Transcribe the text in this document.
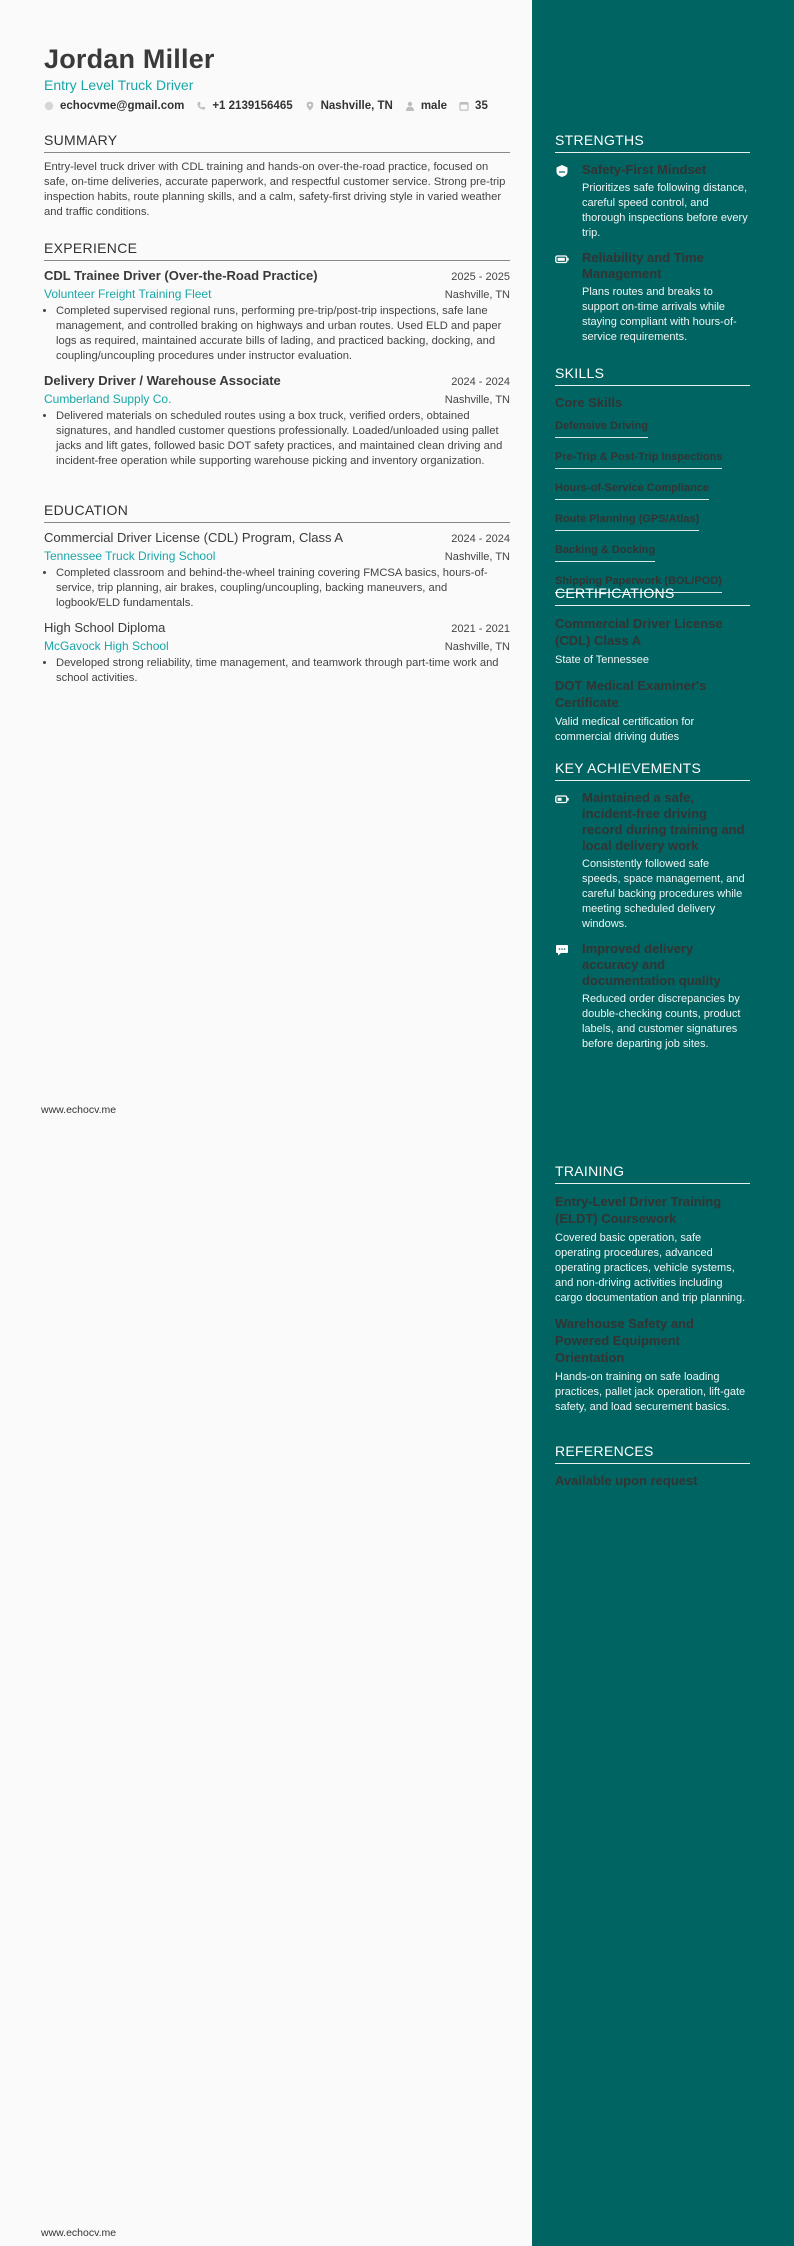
Jordan Miller
Entry Level Truck Driver
echocvme@gmail.com +1 2139156465 Nashville, TN male 35
SUMMARY
Entry-level truck driver with CDL training and hands-on over-the-road practice, focused on safe, on-time deliveries, accurate paperwork, and respectful customer service. Strong pre-trip inspection habits, route planning skills, and a calm, safety-first driving style in varied weather and traffic conditions.
EXPERIENCE
CDL Trainee Driver (Over-the-Road Practice)	2025 - 2025
Volunteer Freight Training Fleet	Nashville, TN
• Completed supervised regional runs, performing pre-trip/post-trip inspections, safe lane management, and controlled braking on highways and urban routes. Used ELD and paper logs as required, maintained accurate bills of lading, and practiced backing, docking, and coupling/uncoupling procedures under instructor evaluation.
Delivery Driver / Warehouse Associate	2024 - 2024
Cumberland Supply Co.	Nashville, TN
• Delivered materials on scheduled routes using a box truck, verified orders, obtained signatures, and handled customer questions professionally. Loaded/unloaded using pallet jacks and lift gates, followed basic DOT safety practices, and maintained clean driving and incident-free operation while supporting warehouse picking and inventory organization.
EDUCATION
Commercial Driver License (CDL) Program, Class A	2024 - 2024
Tennessee Truck Driving School	Nashville, TN
• Completed classroom and behind-the-wheel training covering FMCSA basics, hours-of-service, trip planning, air brakes, coupling/uncoupling, backing maneuvers, and logbook/ELD fundamentals.
High School Diploma	2021 - 2021
McGavock High School	Nashville, TN
• Developed strong reliability, time management, and teamwork through part-time work and school activities.
www.echocv.me
www.echocv.me
STRENGTHS
Safety-First Mindset
Prioritizes safe following distance, careful speed control, and thorough inspections before every trip.
Reliability and Time Management
Plans routes and breaks to support on-time arrivals while staying compliant with hours-of-service requirements.
SKILLS
Core Skills
Defensive Driving
Pre-Trip & Post-Trip Inspections
Hours-of-Service Compliance
Route Planning (GPS/Atlas)
Backing & Docking
Shipping Paperwork (BOL/POD)
CERTIFICATIONS
Commercial Driver License (CDL) Class A
State of Tennessee
DOT Medical Examiner's Certificate
Valid medical certification for commercial driving duties
KEY ACHIEVEMENTS
Maintained a safe, incident-free driving record during training and local delivery work
Consistently followed safe speeds, space management, and careful backing procedures while meeting scheduled delivery windows.
Improved delivery accuracy and documentation quality
Reduced order discrepancies by double-checking counts, product labels, and customer signatures before departing job sites.
TRAINING
Entry-Level Driver Training (ELDT) Coursework
Covered basic operation, safe operating procedures, advanced operating practices, vehicle systems, and non-driving activities including cargo documentation and trip planning.
Warehouse Safety and Powered Equipment Orientation
Hands-on training on safe loading practices, pallet jack operation, lift-gate safety, and load securement basics.
REFERENCES
Available upon request
